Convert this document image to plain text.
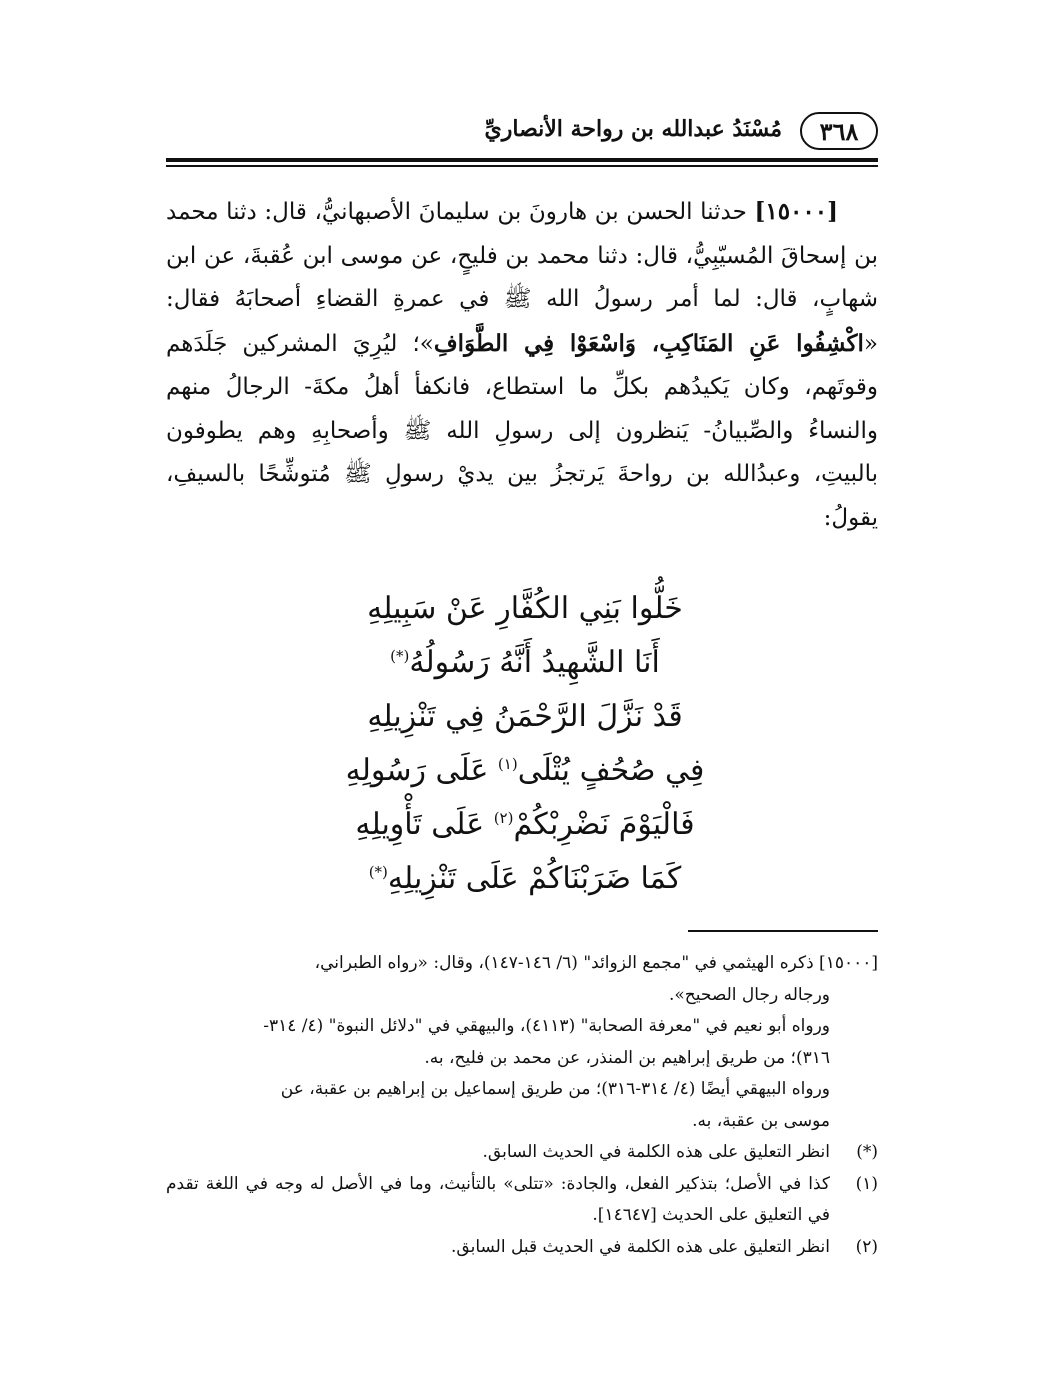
٣٦٨
مُسْنَدُ عبدالله بن رواحة الأنصاريِّ

[١٥٠٠٠] حدثنا الحسن بن هارونَ بن سليمانَ الأصبهانيُّ، قال: دثنا محمد بن إسحاقَ المُسيّبِيُّ، قال: دثنا محمد بن فليحٍ، عن موسى ابن عُقبةَ، عن ابن شهابٍ، قال: لما أمر رسولُ الله ﷺ في عمرةِ القضاءِ أصحابَهُ فقال: «اكْشِفُوا عَنِ المَنَاكِبِ، وَاسْعَوْا فِي الطَّوَافِ»؛ ليُرِيَ المشركين جَلَدَهم وقوتَهم، وكان يَكيدُهم بكلِّ ما استطاع، فانكفأ أهلُ مكةَ- الرجالُ منهم والنساءُ والصِّبيانُ- يَنظرون إلى رسولِ الله ﷺ وأصحابِهِ وهم يطوفون بالبيتِ، وعبدُالله بن رواحةَ يَرتجزُ بين يديْ رسولِ ﷺ مُتوشِّحًا بالسيفِ، يقولُ:

خَلُّوا بَنِي الكُفَّارِ عَنْ سَبِيلِهِ
أَنَا الشَّهِيدُ أَنَّهُ رَسُولُهُ(*)
قَدْ نَزَّلَ الرَّحْمَنُ فِي تَنْزِيلِهِ
فِي صُحُفٍ يُتْلَى$^{(١)}$ عَلَى رَسُولِهِ
فَالْيَوْمَ نَضْرِبْكُمْ$^{(٢)}$ عَلَى تَأْوِيلِهِ
كَمَا ضَرَبْنَاكُمْ عَلَى تَنْزِيلِهِ(*)

[١٥٠٠٠] ذكره الهيثمي في "مجمع الزوائد" (٦/ ١٤٦-١٤٧)، وقال: «رواه الطبراني،

ورجاله رجال الصحيح».

ورواه أبو نعيم في "معرفة الصحابة" (٤١١٣)، والبيهقي في "دلائل النبوة" (٤/ ٣١٤-

٣١٦)؛ من طريق إبراهيم بن المنذر، عن محمد بن فليح، به.

ورواه البيهقي أيضًا (٤/ ٣١٤-٣١٦)؛ من طريق إسماعيل بن إبراهيم بن عقبة، عن

موسى بن عقبة، به.

(*)
انظر التعليق على هذه الكلمة في الحديث السابق.
(١)
كذا في الأصل؛ بتذكير الفعل، والجادة: «تتلى» بالتأنيث، وما في الأصل له وجه في اللغة تقدم في التعليق على الحديث [١٤٦٤٧].
(٢)
انظر التعليق على هذه الكلمة في الحديث قبل السابق.
